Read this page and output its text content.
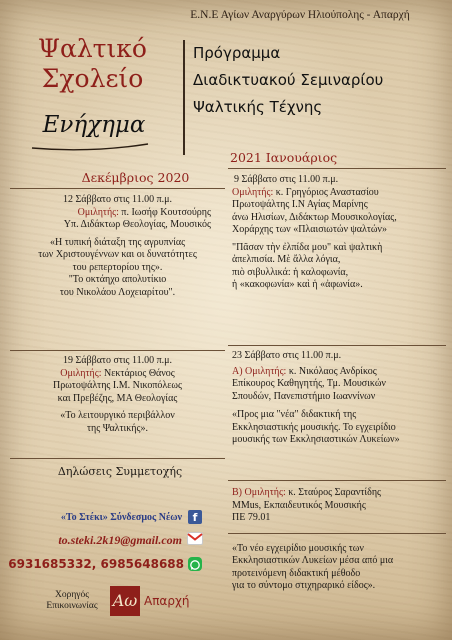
Ε.Ν.Ε Αγίων Αναργύρων Ηλιούπολης - Απαρχή

Ψαλτικό
Σχολείο
Ενήχημα
Πρόγραμμα
Διαδικτυακού Σεμιναρίου
Ψαλτικής Τέχνης
Δεκέμβριος 2020
12 Σάββατο στις 11.00 π.μ.
Ομιλητής: π. Ιωσήφ Κουτσούρης
Υπ. Διδάκτωρ Θεολογίας, Μουσικός
«Η τυπική διάταξη της αγρυπνίας
των Χριστουγέννων και οι δυνατότητες
του ρεπερτορίου της».
"Το οκτάηχο απολυτίκιο
του Νικολάου Λοχειαρίτου".
19 Σάββατο στις 11.00 π.μ.
Ομιλητής: Νεκτάριος Θάνος
Πρωτοψάλτης Ι.Μ. Νικοπόλεως
και Πρεβέζης, ΜΑ Θεολογίας
«Το λειτουργικό περιβάλλον
της Ψαλτικής».
Δηλώσεις Συμμετοχής
«Το Στέκι» Σύνδεσμος Νέων f
to.steki.2k19@gmail.com
6931685332, 6985648688
Χορηγός
Επικοινωνίας Αω Απαρχή
2021 Ιανουάριος
9 Σάββατο στις 11.00 π.μ.
Ομιλητής: κ. Γρηγόριος Αναστασίου
Πρωτοψάλτης Ι.Ν Αγίας Μαρίνης
άνω Ηλισίων, Διδάκτωρ Μουσικολογίας,
Χοράρχης των «Πλαισιωτών ψαλτών»
"Πᾶσαν τὴν ἐλπίδα μου" καὶ ψαλτικὴ
ἀπελπισία. Μὲ ἄλλα λόγια,
πιὸ σιβυλλικά: ἡ καλοφωνία,
ἡ «κακοφωνία» καὶ ἡ «ἀφωνία».
23 Σάββατο στις 11.00 π.μ.
Α) Ομιλητής: κ. Νικόλαος Ανδρίκος
Επίκουρος Καθηγητής, Τμ. Μουσικών
Σπουδών, Πανεπιστήμιο Ιωαννίνων
«Προς μια "νέα" διδακτική της
Εκκλησιαστικής μουσικής. Το εγχειρίδιο
μουσικής των Εκκλησιαστικών Λυκείων»
Β) Ομιλητής: κ. Σταύρος Σαραντίδης
MMus, Εκπαιδευτικός Μουσικής
ΠΕ 79.01
«Το νέο εγχειρίδιο μουσικής των
Εκκλησιαστικών Λυκείων μέσα από μια
προτεινόμενη διδακτική μέθοδο
για το σύντομο στιχηραρικό είδος».
